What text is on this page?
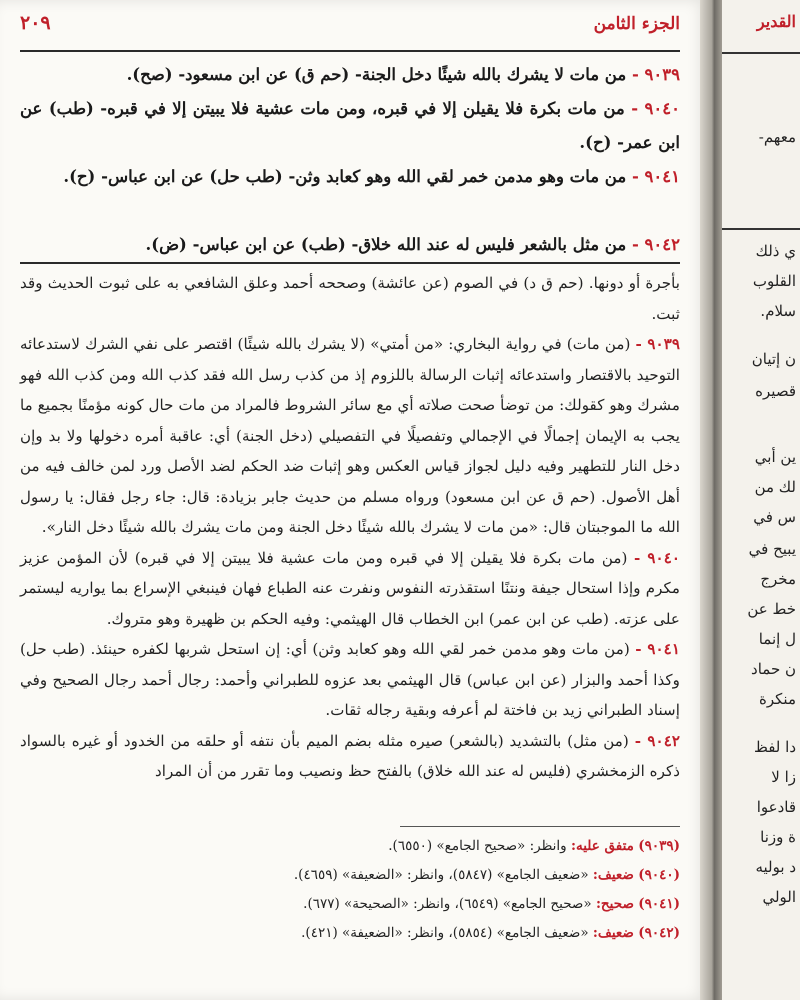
الجزء الثامن
٢٠٩
٩٠٣٩ - من مات لا يشرك بالله شيئًا دخل الجنة- (حم ق) عن ابن مسعود- (صح).
٩٠٤٠ - من مات بكرة فلا يقيلن إلا في قبره، ومن مات عشية فلا يبيتن إلا في قبره- (طب) عن ابن عمر- (ح).
٩٠٤١ - من مات وهو مدمن خمر لقي الله وهو كعابد وثن- (طب حل) عن ابن عباس- (ح).
٩٠٤٢ - من مثل بالشعر فليس له عند الله خلاق- (طب) عن ابن عباس- (ض).

بأجرة أو دونها. (حم ق د) في الصوم (عن عائشة) وصححه أحمد وعلق الشافعي به على ثبوت الحديث وقد ثبت.

٩٠٣٩ - (من مات) في رواية البخاري: «من أمتي» (لا يشرك بالله شيئًا) اقتصر على نفي الشرك لاستدعائه التوحيد بالاقتصار واستدعائه إثبات الرسالة باللزوم إذ من كذب رسل الله فقد كذب الله ومن كذب الله فهو مشرك وهو كقولك: من توضأ صحت صلاته أي مع سائر الشروط فالمراد من مات حال كونه مؤمنًا بجميع ما يجب به الإيمان إجمالًا في الإجمالي وتفصيلًا في التفصيلي (دخل الجنة) أي: عاقبة أمره دخولها ولا بد وإن دخل النار للتطهير وفيه دليل لجواز قياس العكس وهو إثبات ضد الحكم لضد الأصل ورد لمن خالف فيه من أهل الأصول. (حم ق عن ابن مسعود) ورواه مسلم من حديث جابر بزيادة: قال: جاء رجل فقال: يا رسول الله ما الموجبتان قال: «من مات لا يشرك بالله شيئًا دخل الجنة ومن مات يشرك بالله شيئًا دخل النار».

٩٠٤٠ - (من مات بكرة فلا يقيلن إلا في قبره ومن مات عشية فلا يبيتن إلا في قبره) لأن المؤمن عزيز مكرم وإذا استحال جيفة ونتنًا استقذرته النفوس ونفرت عنه الطباع فهان فينبغي الإسراع بما يواريه ليستمر على عزته. (طب عن ابن عمر) ابن الخطاب قال الهيثمي: وفيه الحكم بن ظهيرة وهو متروك.

٩٠٤١ - (من مات وهو مدمن خمر لقي الله وهو كعابد وثن) أي: إن استحل شربها لكفره حينئذ. (طب حل) وكذا أحمد والبزار (عن ابن عباس) قال الهيثمي بعد عزوه للطبراني وأحمد: رجال أحمد رجال الصحيح وفي إسناد الطبراني زيد بن فاختة لم أعرفه وبقية رجاله ثقات.

٩٠٤٢ - (من مثل) بالتشديد (بالشعر) صيره مثله بضم الميم بأن نتفه أو حلقه من الخدود أو غيره بالسواد ذكره الزمخشري (فليس له عند الله خلاق) بالفتح حظ ونصيب وما تقرر من أن المراد

(٩٠٣٩) متفق عليه: وانظر: «صحيح الجامع» (٦٥٥٠).
(٩٠٤٠) ضعيف: «ضعيف الجامع» (٥٨٤٧)، وانظر: «الضعيفة» (٤٦٥٩).
(٩٠٤١) صحيح: «صحيح الجامع» (٦٥٤٩)، وانظر: «الصحيحة» (٦٧٧).
(٩٠٤٢) ضعيف: «ضعيف الجامع» (٥٨٥٤)، وانظر: «الضعيفة» (٤٢١).
القدير
معهم-
ي ذلك
القلوب
سلام.
ن إتيان
قصيره
ين أبي
لك من
س في
يبيح في
مخرج
خط عن
ل إنما
ن حماد
منكرة
دا لفظ
زا لا
قادعوا
ة وزنا
د بوليه
الولي
